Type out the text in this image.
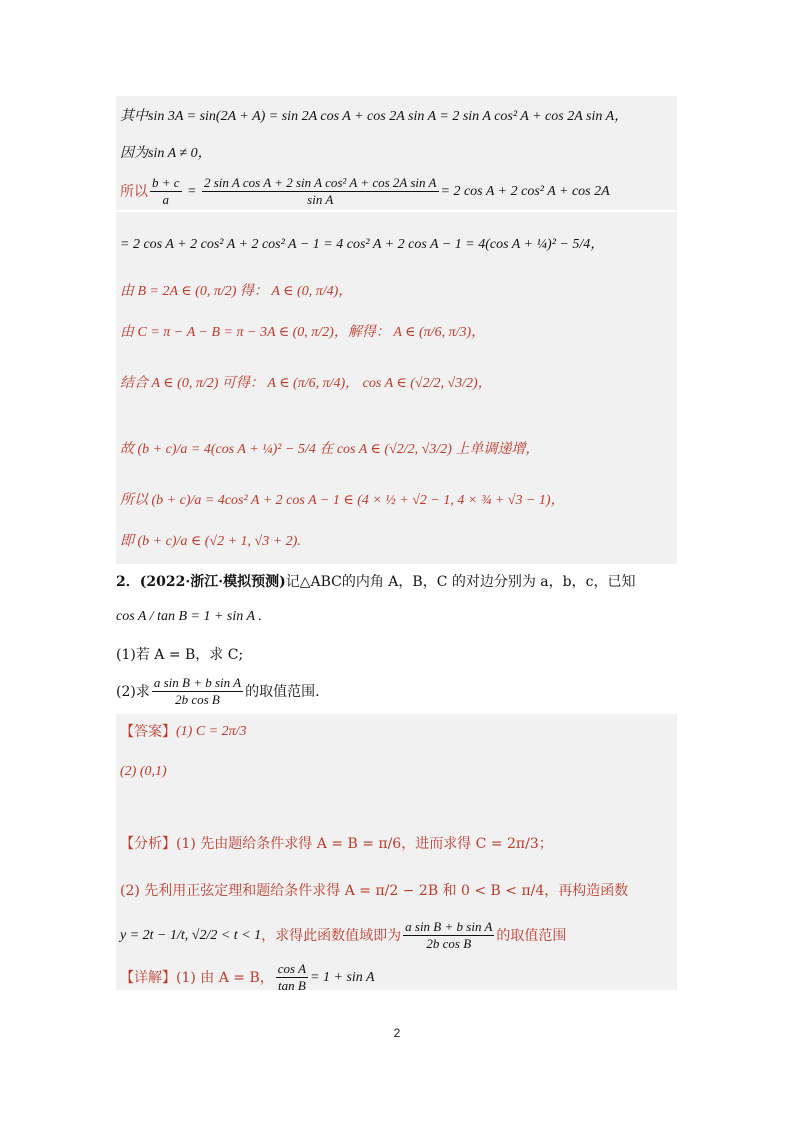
其中sin 3A = sin(2A + A) = sin 2A cos A + cos 2A sin A = 2 sin A cos² A + cos 2A sin A，
因为sin A ≠ 0，
所以 $\frac{b + c}{a} = \frac{\text{2 sin A cos A + 2 sin A cos² A + cos 2A sin A}}{\text{sin A}} = 2$ cos A + 2 cos² A + cos 2A
= 2 cos A + 2 cos² A + 2 cos² A − 1 = 4 cos² A + 2 cos A − 1 = 4(cos A + ¼)² − 5/4，
由 B = 2A ∈ (0, π/2) 得： A ∈ (0, π/4)，
由 C = π − A − B = π − 3A ∈ (0, π/2)，解得： A ∈ (π/6, π/3)，
结合 A ∈ (0, π/2) 可得： A ∈ (π/6, π/4)， cos A ∈ (√2/2, √3/2)，
故 (b + c)/a = 4(cos A + ¼)² − 5/4 在 cos A ∈ (√2/2, √3/2) 上单调递增，
所以 (b + c)/a = 4cos² A + 2 cos A − 1 ∈ (4 × ½ + √2 − 1, 4 × ¾ + √3 − 1)，
即 (b + c)/a ∈ (√2 + 1, √3 + 2).
2．(2022·浙江·模拟预测) 记△ABC的内角 A，B，C 的对边分别为 a，b，c，已知
cos A / tan B = 1 + sin A .
(1)若 A = B，求 C;
(2)求 $\frac{\text{a sin B + b sin A}}{\text{2b cos B}}$ 的取值范围.
【答案】 (1) C = 2π/3
(2) (0,1)
【分析】 (1) 先由题给条件求得 A = B = π/6，进而求得 C = 2π/3；
(2) 先利用正弦定理和题给条件求得 A = π/2 − 2B 和 0 < B < π/4，再构造函数
y = 2t − 1/t, √2/2 < t < 1 ，求得此函数值域即为 $\frac{\text{a sin B + b sin A}}{\text{2b cos B}}$ 的取值范围
【详解】 (1) 由 A = B， $\frac{\text{cos A}}{\text{tan B}} = 1 + \sin A$
2
